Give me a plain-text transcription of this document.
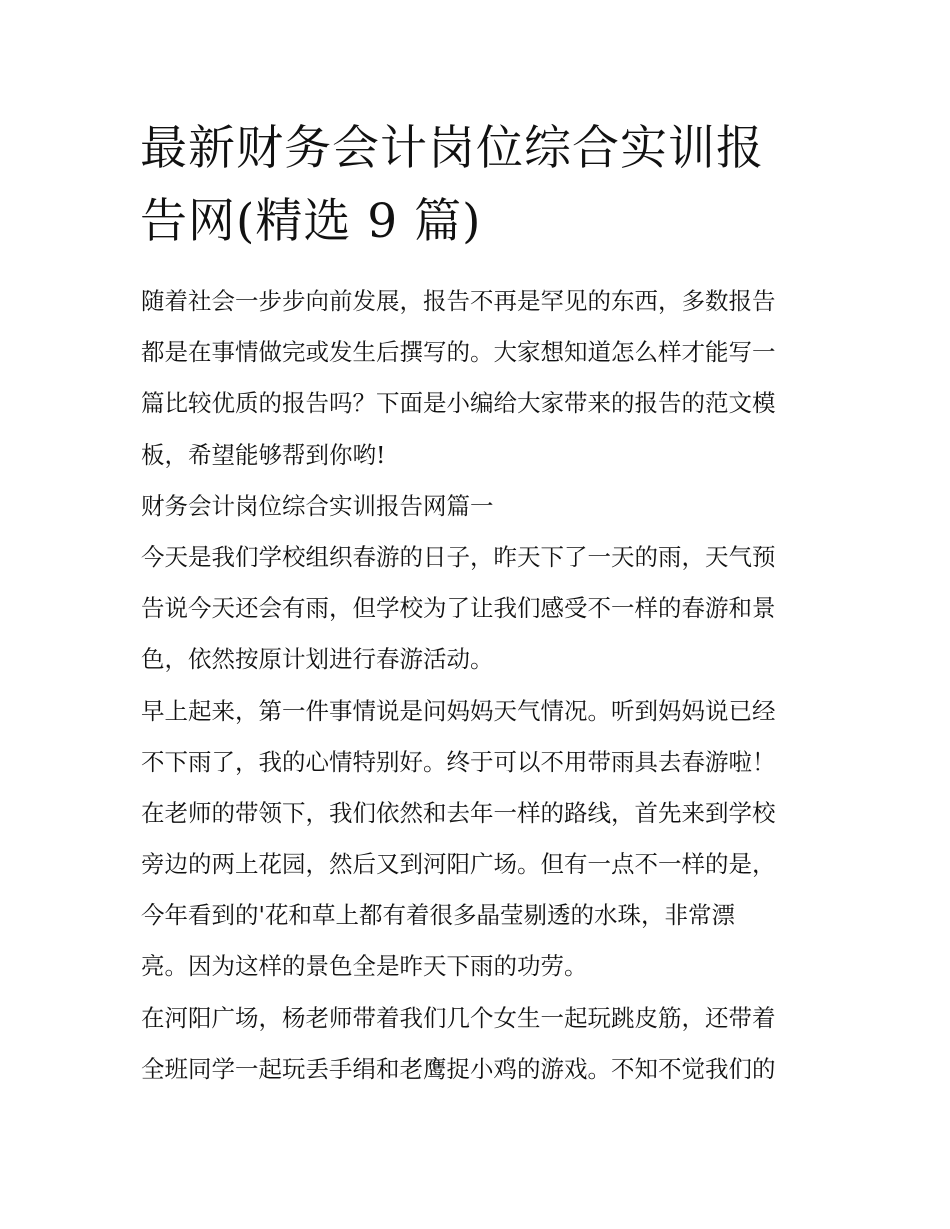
最新财务会计岗位综合实训报
告网(精选 9 篇)
随着社会一步步向前发展，报告不再是罕见的东西，多数报告
都是在事情做完或发生后撰写的。大家想知道怎么样才能写一
篇比较优质的报告吗？下面是小编给大家带来的报告的范文模
板，希望能够帮到你哟!
财务会计岗位综合实训报告网篇一
今天是我们学校组织春游的日子，昨天下了一天的雨，天气预
告说今天还会有雨，但学校为了让我们感受不一样的春游和景
色，依然按原计划进行春游活动。
早上起来，第一件事情说是问妈妈天气情况。听到妈妈说已经
不下雨了，我的心情特别好。终于可以不用带雨具去春游啦！
在老师的带领下，我们依然和去年一样的路线，首先来到学校
旁边的两上花园，然后又到河阳广场。但有一点不一样的是，
今年看到的'花和草上都有着很多晶莹剔透的水珠，非常漂
亮。因为这样的景色全是昨天下雨的功劳。
在河阳广场，杨老师带着我们几个女生一起玩跳皮筋，还带着
全班同学一起玩丢手绢和老鹰捉小鸡的游戏。不知不觉我们的
